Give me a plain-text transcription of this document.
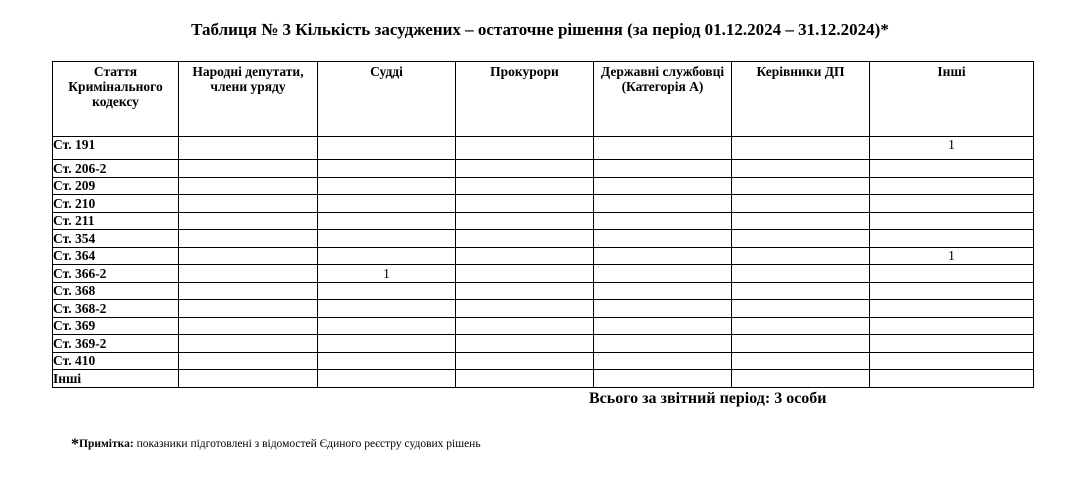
Таблиця № 3 Кількість засуджених – остаточне рішення (за період 01.12.2024 – 31.12.2024)*
Стаття Кримінального кодексу	Народні депутати, члени уряду	Судді	Прокурори	Державні службовці (Категорія А)	Керівники ДП	Інші
Ст. 191						1
Ст. 206-2						
Ст. 209						
Ст. 210						
Ст. 211						
Ст. 354						
Ст. 364						1
Ст. 366-2		1				
Ст. 368						
Ст. 368-2						
Ст. 369						
Ст. 369-2						
Ст. 410						
Інші						
Всього за звітний період: 3 особи
*Примітка: показники підготовлені з відомостей Єдиного реєстру судових рішень
